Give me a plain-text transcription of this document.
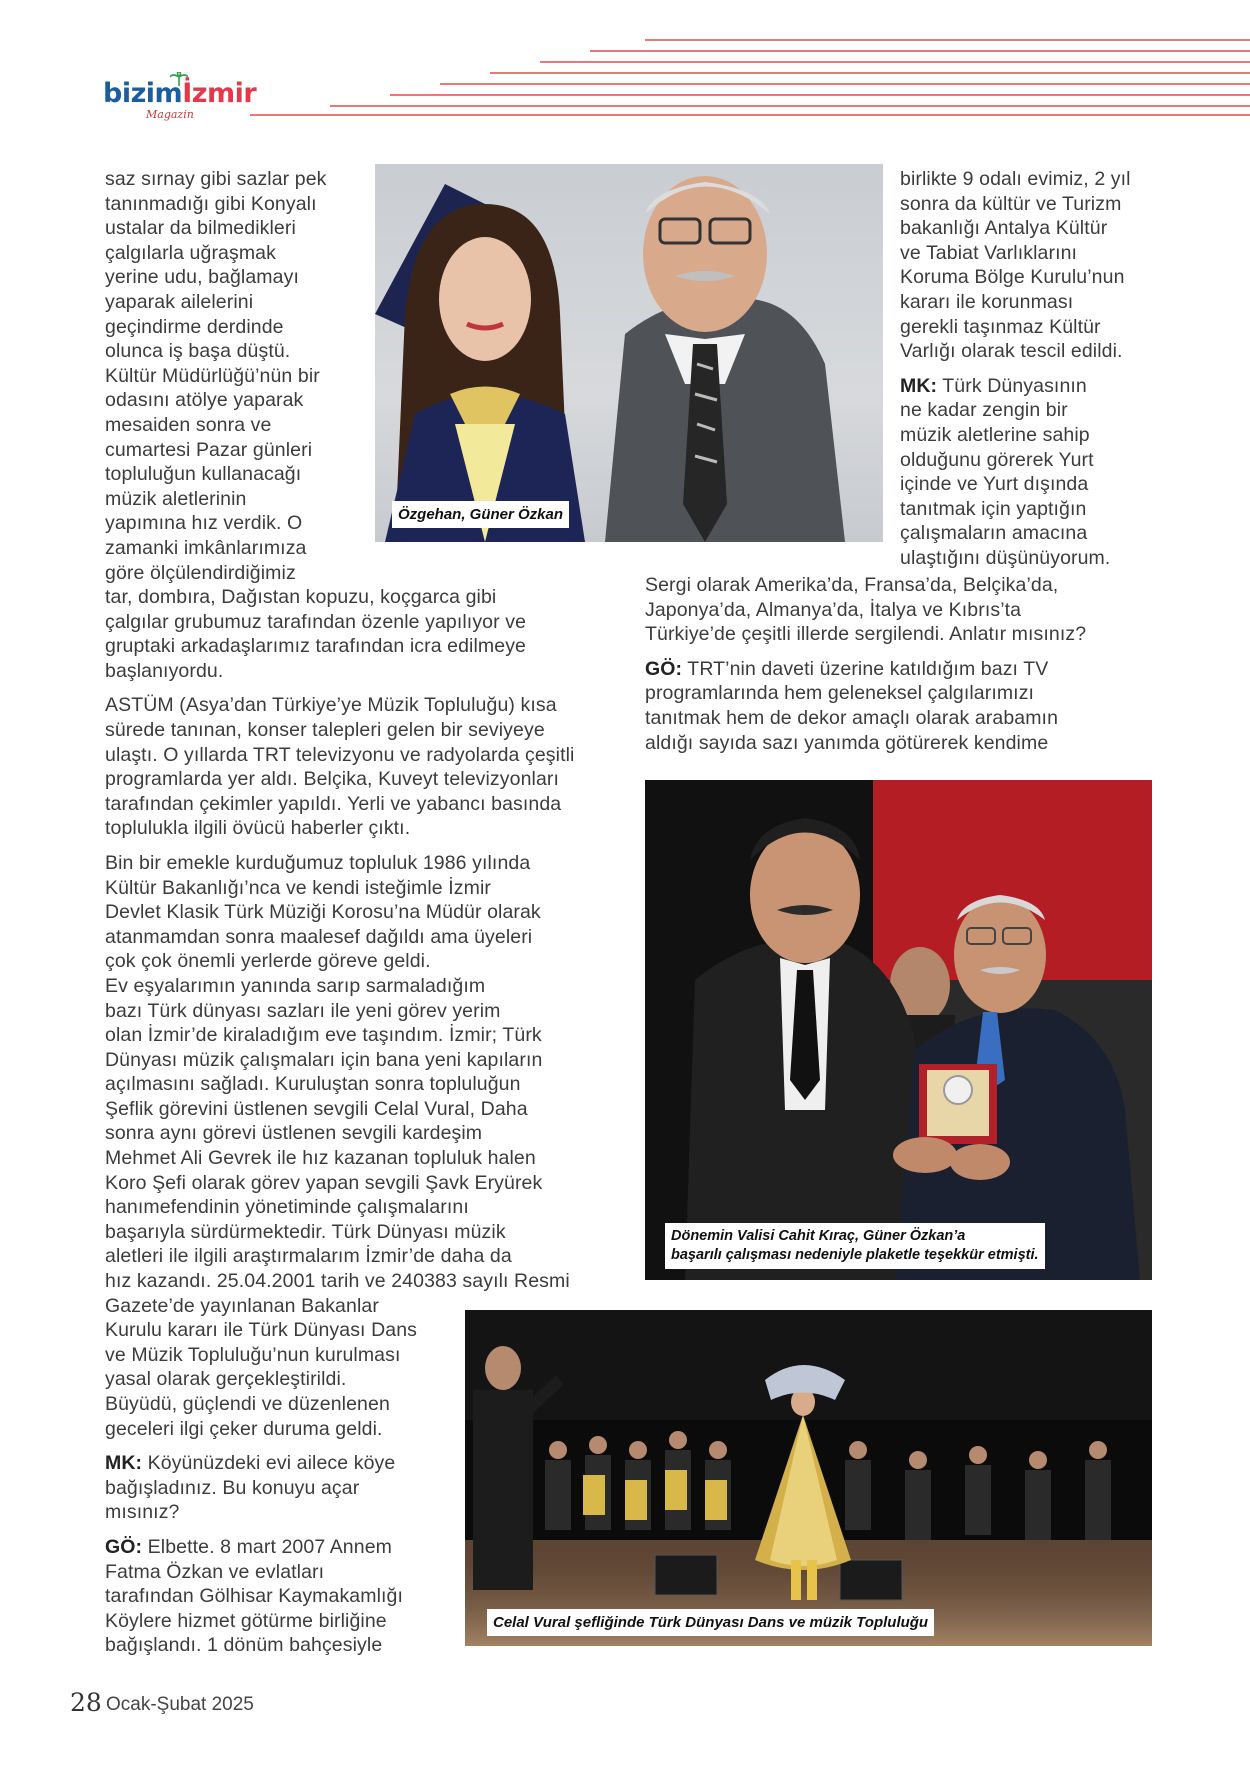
bizimİzmir
Magazin
Özgehan, Güner Özkan
Dönemin Valisi Cahit Kıraç, Güner Özkan’a
başarılı çalışması nedeniyle plaketle teşekkür etmişti.
Celal Vural şefliğinde Türk Dünyası Dans ve müzik Topluluğu
saz sırnay gibi sazlar pek
tanınmadığı gibi Konyalı
ustalar da bilmedikleri
çalgılarla uğraşmak
yerine udu, bağlamayı
yaparak ailelerini
geçindirme derdinde
olunca iş başa düştü.
Kültür Müdürlüğü’nün bir
odasını atölye yaparak
mesaiden sonra ve
cumartesi Pazar günleri
topluluğun kullanacağı
müzik aletlerinin
yapımına hız verdik. O
zamanki imkânlarımıza
göre ölçülendirdiğimiz

tar, dombıra, Dağıstan kopuzu, koçgarca gibi
çalgılar grubumuz tarafından özenle yapılıyor ve
gruptaki arkadaşlarımız tarafından icra edilmeye
başlanıyordu.

ASTÜM (Asya’dan Türkiye’ye Müzik Topluluğu) kısa
sürede tanınan, konser talepleri gelen bir seviyeye
ulaştı. O yıllarda TRT televizyonu ve radyolarda çeşitli
programlarda yer aldı. Belçika, Kuveyt televizyonları
tarafından çekimler yapıldı. Yerli ve yabancı basında
toplulukla ilgili övücü haberler çıktı.

Bin bir emekle kurduğumuz topluluk 1986 yılında
Kültür Bakanlığı’nca ve kendi isteğimle İzmir
Devlet Klasik Türk Müziği Korosu’na Müdür olarak
atanmamdan sonra maalesef dağıldı ama üyeleri
çok çok önemli yerlerde göreve geldi.
Ev eşyalarımın yanında sarıp sarmaladığım
bazı Türk dünyası sazları ile yeni görev yerim
olan İzmir’de kiraladığım eve taşındım. İzmir; Türk
Dünyası müzik çalışmaları için bana yeni kapıların
açılmasını sağladı. Kuruluştan sonra topluluğun
Şeflik görevini üstlenen sevgili Celal Vural, Daha
sonra aynı görevi üstlenen sevgili kardeşim
Mehmet Ali Gevrek ile hız kazanan topluluk halen
Koro Şefi olarak görev yapan sevgili Şavk Eryürek
hanımefendinin yönetiminde çalışmalarını
başarıyla sürdürmektedir. Türk Dünyası müzik
aletleri ile ilgili araştırmalarım İzmir’de daha da
hız kazandı. 25.04.2001 tarih ve 240383 sayılı Resmi
Gazete’de yayınlanan Bakanlar
Kurulu kararı ile Türk Dünyası Dans
ve Müzik Topluluğu’nun kurulması
yasal olarak gerçekleştirildi.
Büyüdü, güçlendi ve düzenlenen
geceleri ilgi çeker duruma geldi.

MK: Köyünüzdeki evi ailece köye
bağışladınız. Bu konuyu açar
mısınız?

GÖ: Elbette. 8 mart 2007 Annem
Fatma Özkan ve evlatları
tarafından Gölhisar Kaymakamlığı
Köylere hizmet götürme birliğine
bağışlandı. 1 dönüm bahçesiyle

birlikte 9 odalı evimiz, 2 yıl
sonra da kültür ve Turizm
bakanlığı Antalya Kültür
ve Tabiat Varlıklarını
Koruma Bölge Kurulu’nun
kararı ile korunması
gerekli taşınmaz Kültür
Varlığı olarak tescil edildi.

MK: Türk Dünyasının
ne kadar zengin bir
müzik aletlerine sahip
olduğunu görerek Yurt
içinde ve Yurt dışında
tanıtmak için yaptığın
çalışmaların amacına
ulaştığını düşünüyorum.

Sergi olarak Amerika’da, Fransa’da, Belçika’da,
Japonya’da, Almanya’da, İtalya ve Kıbrıs’ta
Türkiye’de çeşitli illerde sergilendi. Anlatır mısınız?

GÖ: TRT’nin daveti üzerine katıldığım bazı TV
programlarında hem geleneksel çalgılarımızı
tanıtmak hem de dekor amaçlı olarak arabamın
aldığı sayıda sazı yanımda götürerek kendime

28 Ocak-Şubat 2025
